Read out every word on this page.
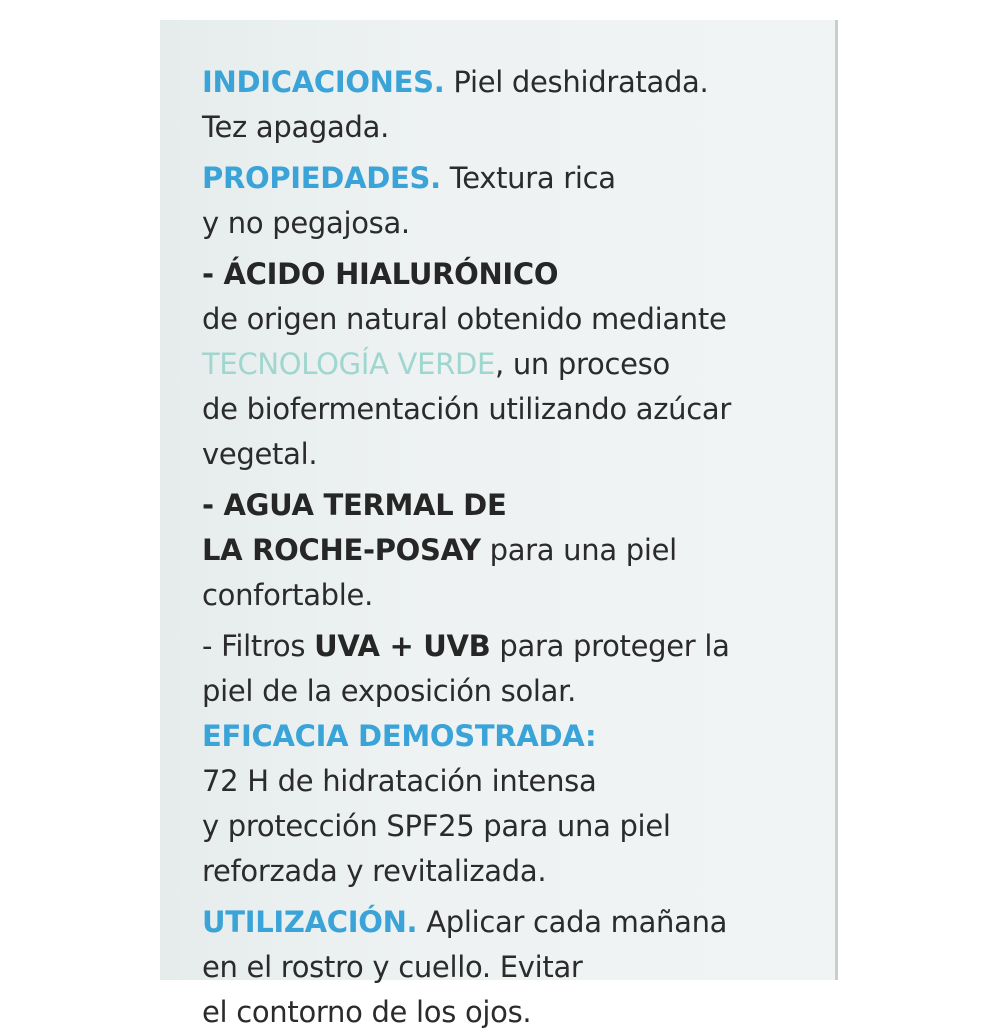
INDICACIONES. Piel deshidratada.
Tez apagada.
PROPIEDADES. Textura rica
y no pegajosa.
- ÁCIDO HIALURÓNICO
de origen natural obtenido mediante
TECNOLOGÍA VERDE, un proceso
de biofermentación utilizando azúcar
vegetal.
- AGUA TERMAL DE
LA ROCHE-POSAY para una piel
confortable.
- Filtros UVA + UVB para proteger la
piel de la exposición solar.
EFICACIA DEMOSTRADA:
72 H de hidratación intensa
y protección SPF25 para una piel
reforzada y revitalizada.
UTILIZACIÓN. Aplicar cada mañana
en el rostro y cuello. Evitar
el contorno de los ojos.
